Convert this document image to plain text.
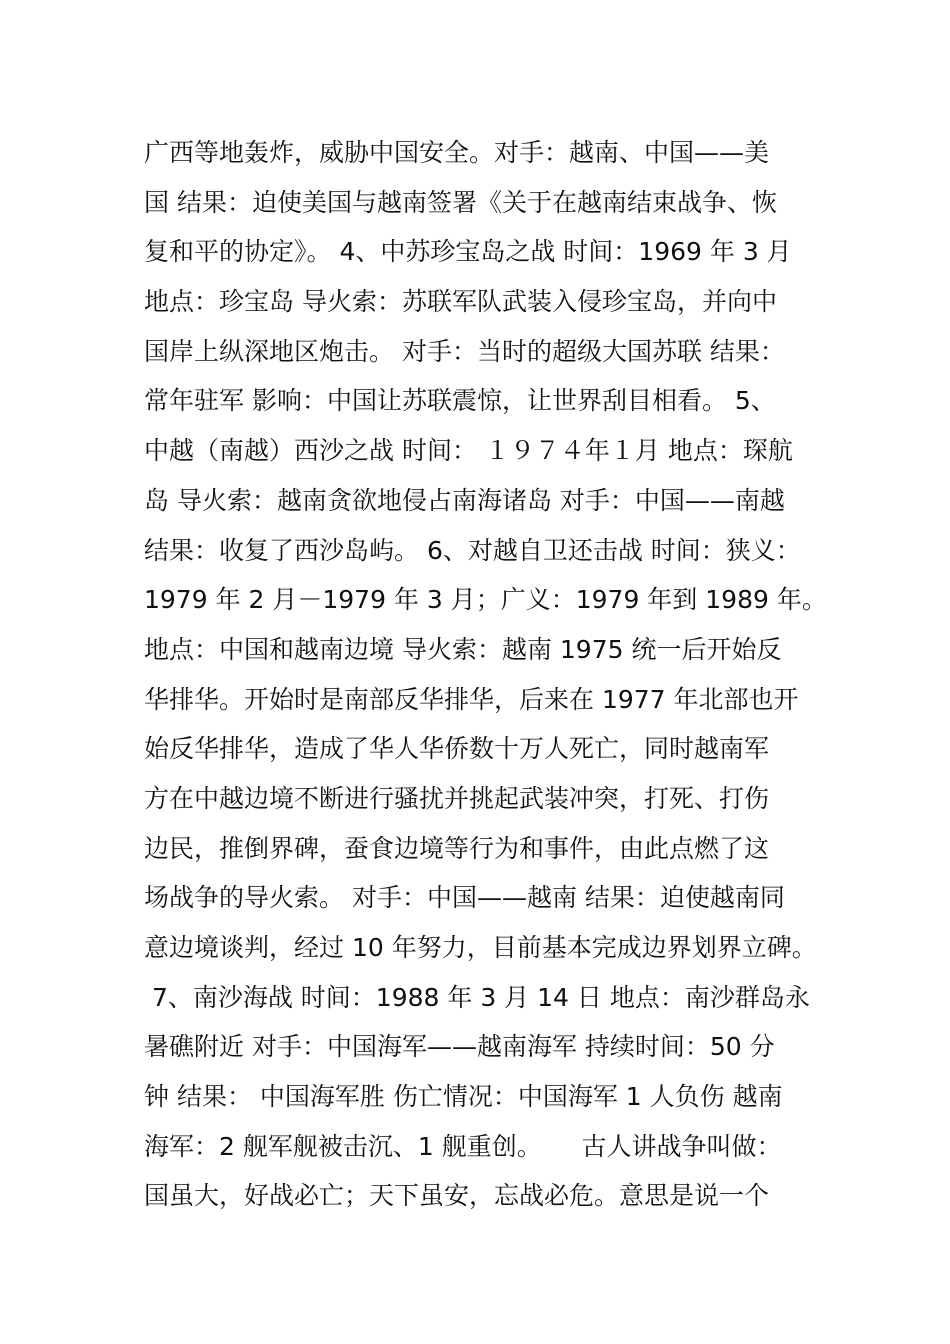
广西等地轰炸，威胁中国安全。对手：越南、中国——美
国 结果：迫使美国与越南签署《关于在越南结束战争、恢
复和平的协定》。 4、中苏珍宝岛之战 时间：1969 年 3 月
地点：珍宝岛 导火索：苏联军队武装入侵珍宝岛，并向中
国岸上纵深地区炮击。 对手：当时的超级大国苏联 结果：
常年驻军 影响：中国让苏联震惊，让世界刮目相看。 5、
中越（南越）西沙之战 时间： １９７４年１月 地点：琛航
岛 导火索：越南贪欲地侵占南海诸岛 对手：中国——南越
结果：收复了西沙岛屿。 6、对越自卫还击战 时间：狭义：
1979 年 2 月－1979 年 3 月；广义：1979 年到 1989 年。
地点：中国和越南边境 导火索：越南 1975 统一后开始反
华排华。开始时是南部反华排华，后来在 1977 年北部也开
始反华排华，造成了华人华侨数十万人死亡，同时越南军
方在中越边境不断进行骚扰并挑起武装冲突，打死、打伤
边民，推倒界碑，蚕食边境等行为和事件，由此点燃了这
场战争的导火索。 对手：中国——越南 结果：迫使越南同
意边境谈判，经过 10 年努力，目前基本完成边界划界立碑。
7、南沙海战 时间：1988 年 3 月 14 日 地点：南沙群岛永
暑礁附近 对手：中国海军——越南海军 持续时间：50 分
钟 结果： 中国海军胜 伤亡情况：中国海军 1 人负伤 越南
海军：2 舰军舰被击沉、1 舰重创。     古人讲战争叫做：
国虽大，好战必亡；天下虽安，忘战必危。意思是说一个
